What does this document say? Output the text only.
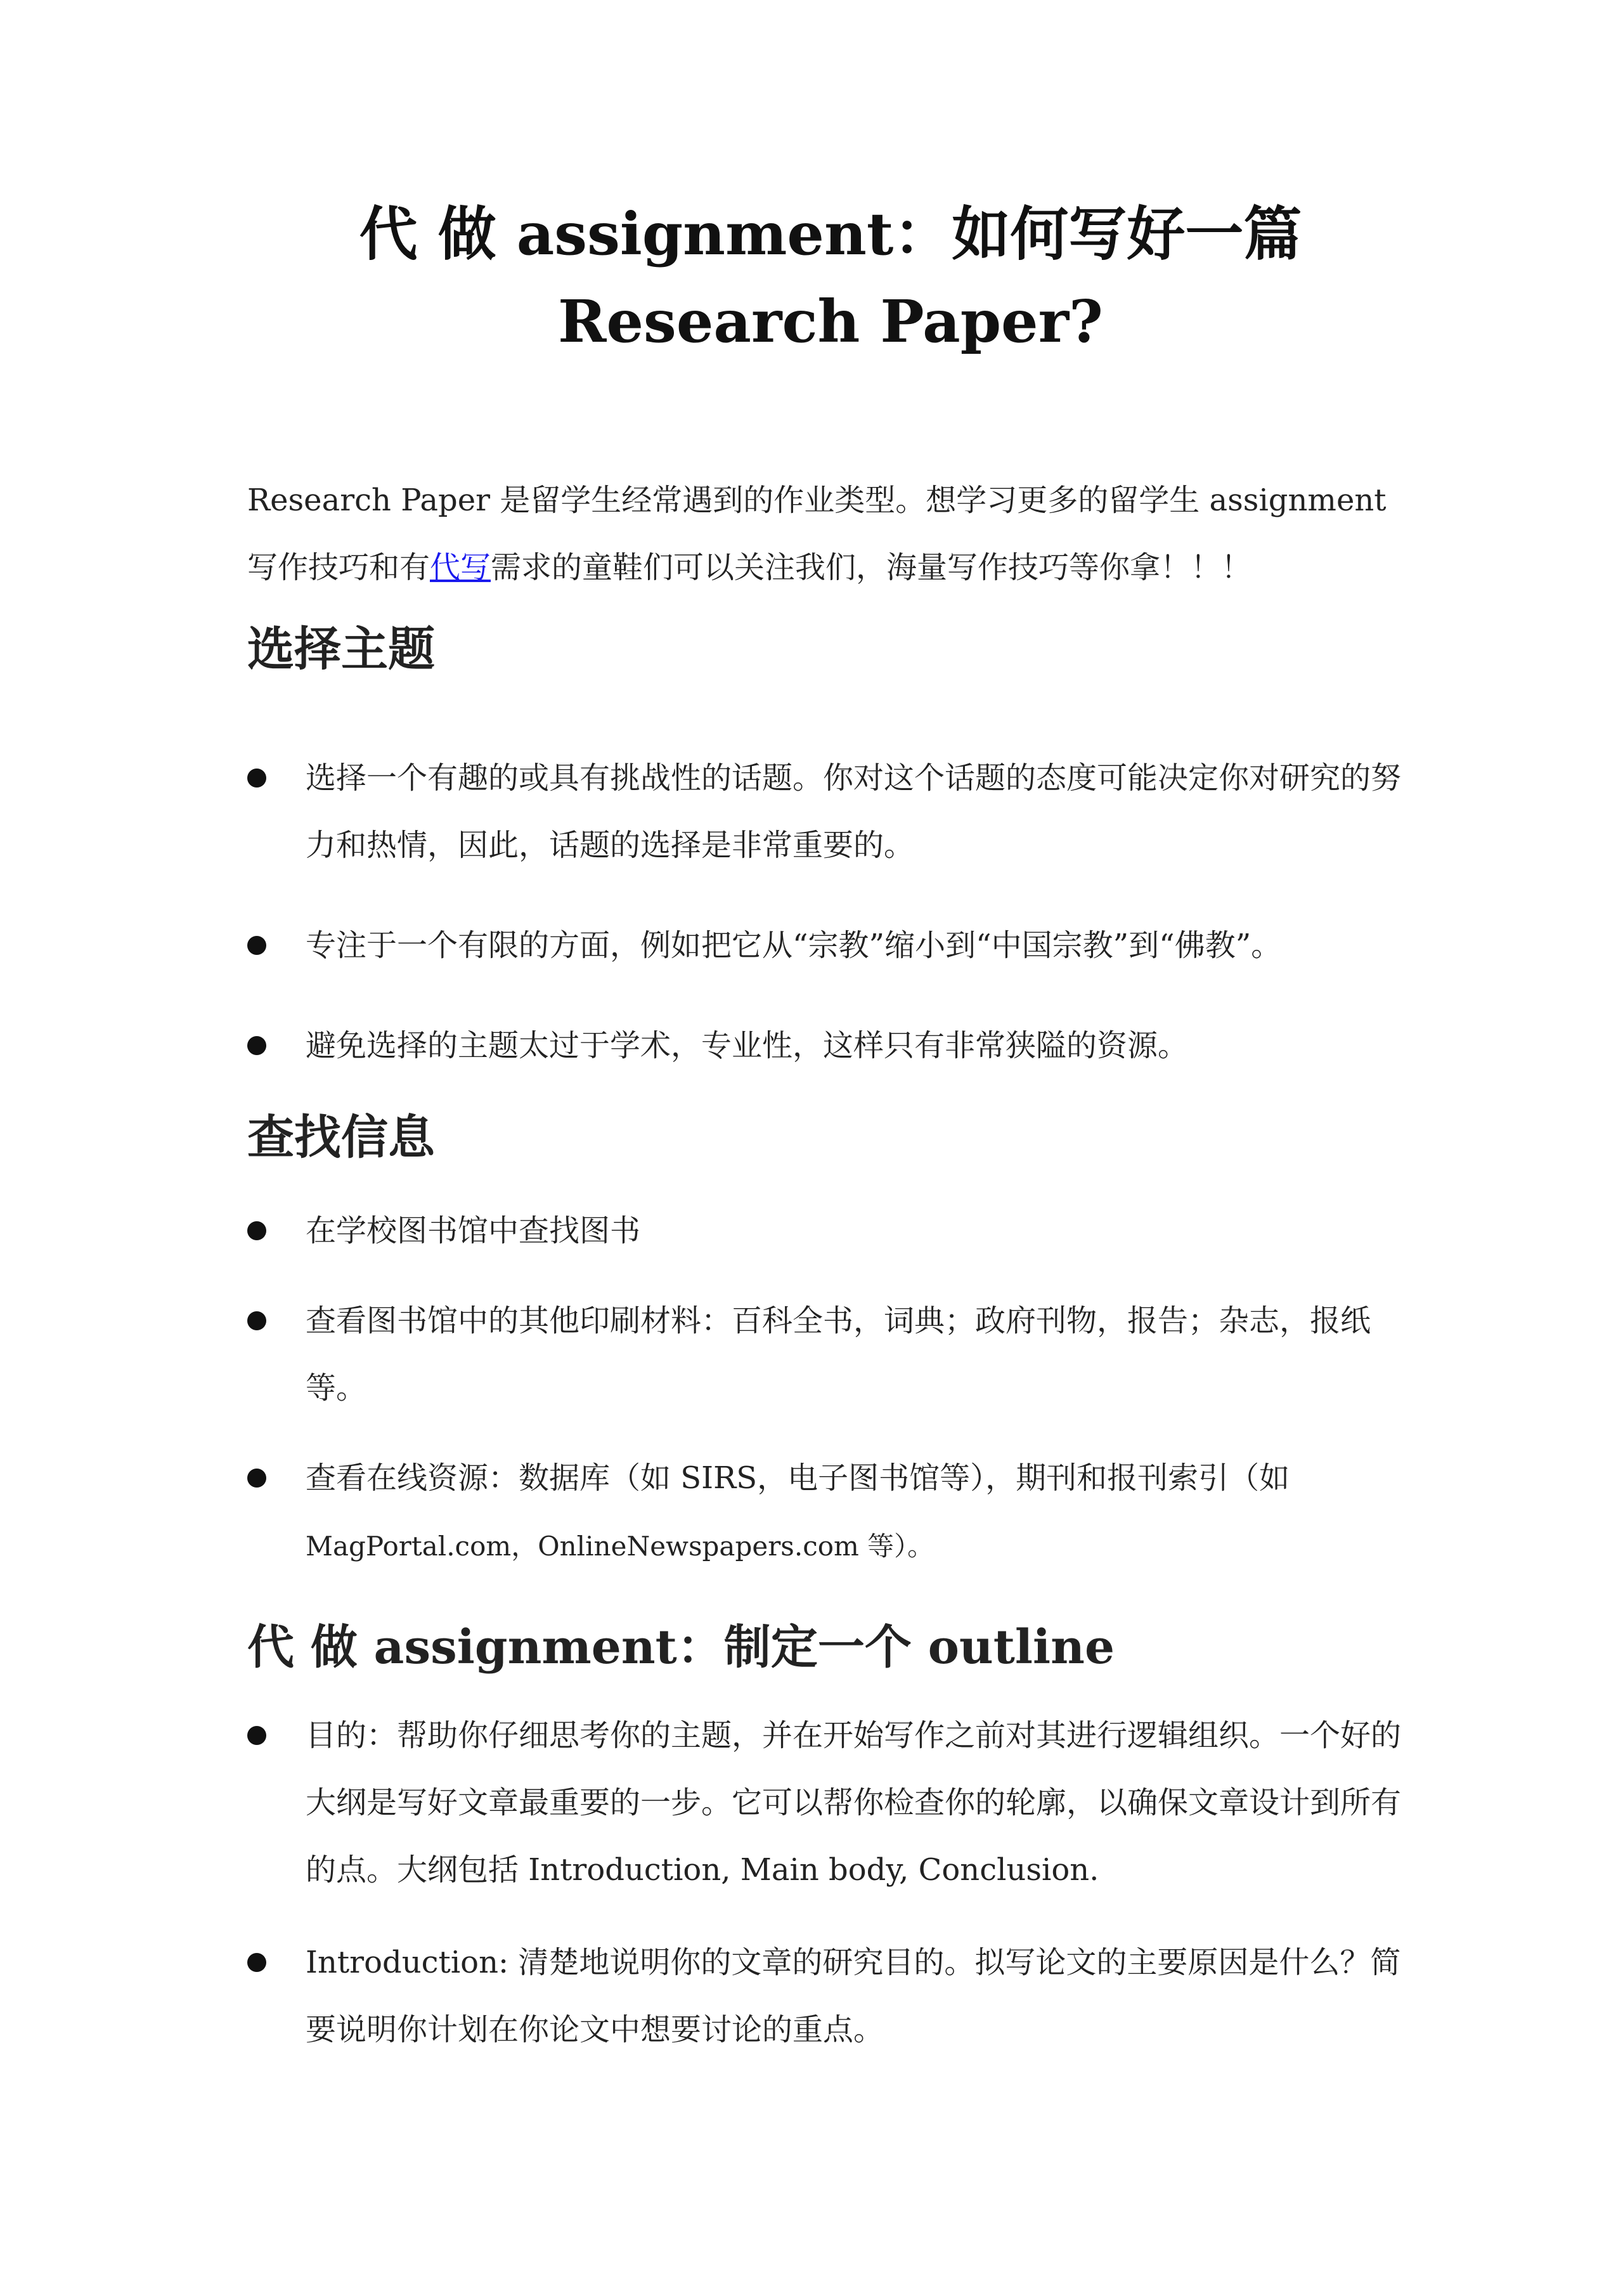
代 做 assignment：如何写好一篇 Research Paper?

Research Paper 是留学生经常遇到的作业类型。想学习更多的留学生 assignment 写作技巧和有代写需求的童鞋们可以关注我们，海量写作技巧等你拿！！！

选择主题
选择一个有趣的或具有挑战性的话题。你对这个话题的态度可能决定你对研究的努力和热情，因此，话题的选择是非常重要的。
专注于一个有限的方面，例如把它从“宗教”缩小到“中国宗教”到“佛教”。
避免选择的主题太过于学术，专业性，这样只有非常狭隘的资源。
查找信息
在学校图书馆中查找图书
查看图书馆中的其他印刷材料：百科全书，词典；政府刊物，报告；杂志，报纸等。
查看在线资源：数据库（如 SIRS，电子图书馆等），期刊和报刊索引（如
MagPortal.com，OnlineNewspapers.com 等）。
代 做 assignment：制定一个 outline
目的：帮助你仔细思考你的主题，并在开始写作之前对其进行逻辑组织。一个好的大纲是写好文章最重要的一步。它可以帮你检查你的轮廓，以确保文章设计到所有的点。大纲包括 Introduction, Main body, Conclusion.
Introduction: 清楚地说明你的文章的研究目的。拟写论文的主要原因是什么？简要说明你计划在你论文中想要讨论的重点。
